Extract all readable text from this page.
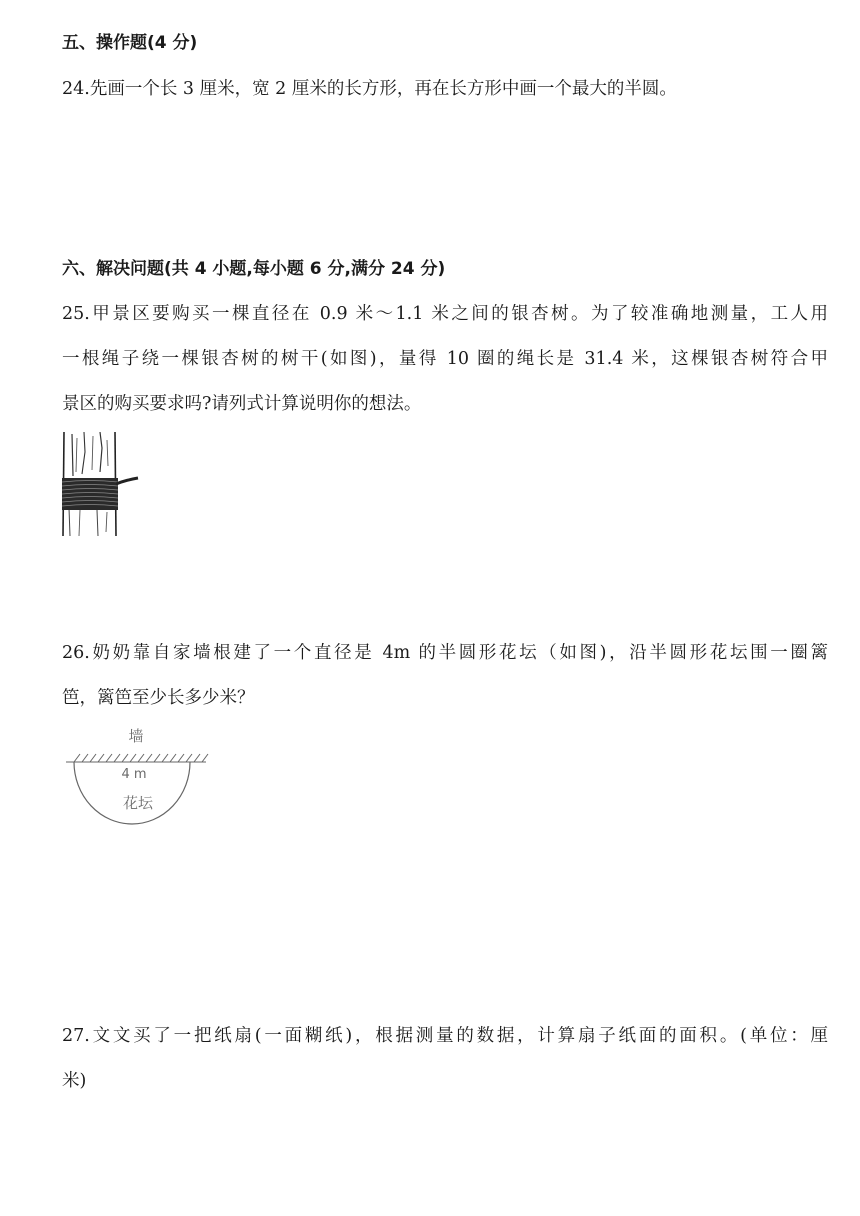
五、操作题(4 分)
24.先画一个长 3 厘米，宽 2 厘米的长方形，再在长方形中画一个最大的半圆。
六、解决问题(共 4 小题,每小题 6 分,满分 24 分)
25.甲景区要购买一棵直径在 0.9 米～1.1 米之间的银杏树。为了较准确地测量，工人用
一根绳子绕一棵银杏树的树干(如图)，量得 10 圈的绳长是 31.4 米，这棵银杏树符合甲
景区的购买要求吗?请列式计算说明你的想法。
26.奶奶靠自家墙根建了一个直径是 4m 的半圆形花坛（如图)，沿半圆形花坛围一圈篱
笆，篱笆至少长多少米？
墙
4 m
花坛
27.文文买了一把纸扇(一面糊纸)，根据测量的数据，计算扇子纸面的面积。(单位：厘
米)
